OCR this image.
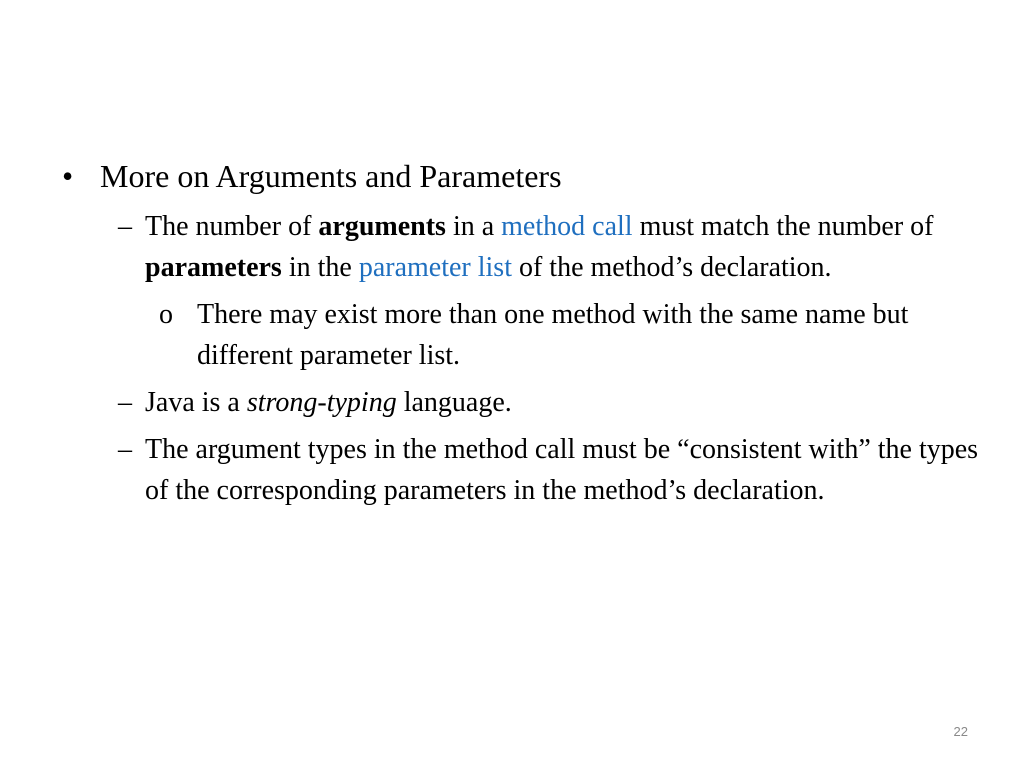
• More on Arguments and Parameters
– The number of arguments in a method call must match the number of parameters in the parameter list of the method’s declaration.
o There may exist more than one method with the same name but different parameter list.
– Java is a strong-typing language.
– The argument types in the method call must be “consistent with” the types of the corresponding parameters in the method’s declaration.
22
